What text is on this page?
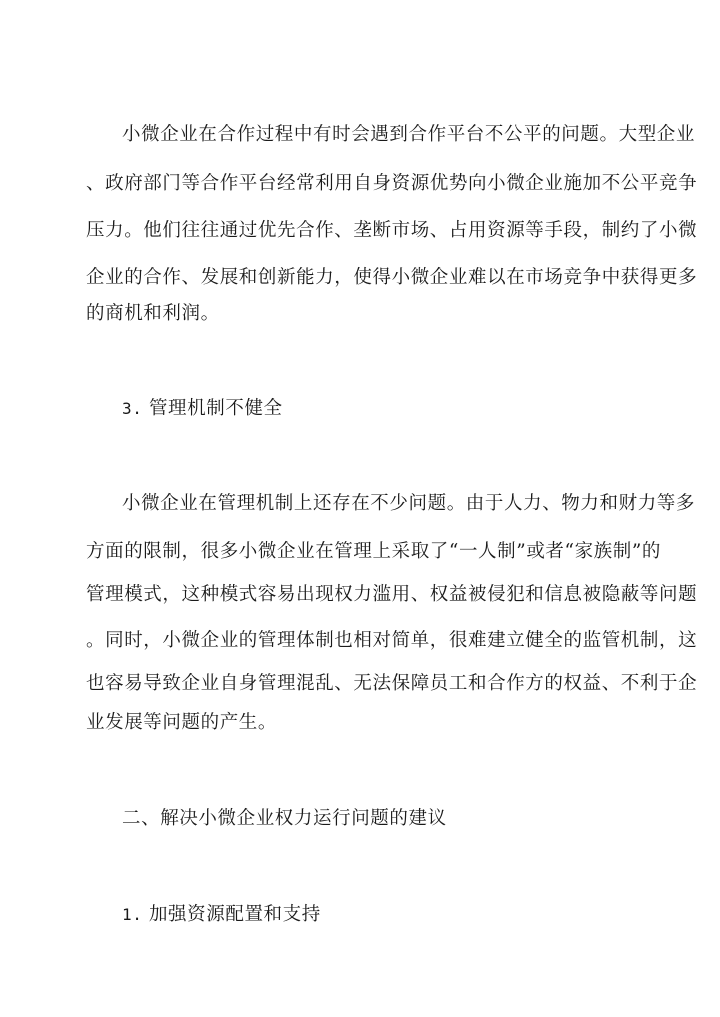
小微企业在合作过程中有时会遇到合作平台不公平的问题。大型企业
、政府部门等合作平台经常利用自身资源优势向小微企业施加不公平竞争
压力。他们往往通过优先合作、垄断市场、占用资源等手段，制约了小微
企业的合作、发展和创新能力，使得小微企业难以在市场竞争中获得更多
的商机和利润。
3. 管理机制不健全
小微企业在管理机制上还存在不少问题。由于人力、物力和财力等多
方面的限制，很多小微企业在管理上采取了“一人制”或者“家族制”的
管理模式，这种模式容易出现权力滥用、权益被侵犯和信息被隐蔽等问题
。同时，小微企业的管理体制也相对简单，很难建立健全的监管机制，这
也容易导致企业自身管理混乱、无法保障员工和合作方的权益、不利于企
业发展等问题的产生。
二、解决小微企业权力运行问题的建议
1. 加强资源配置和支持
